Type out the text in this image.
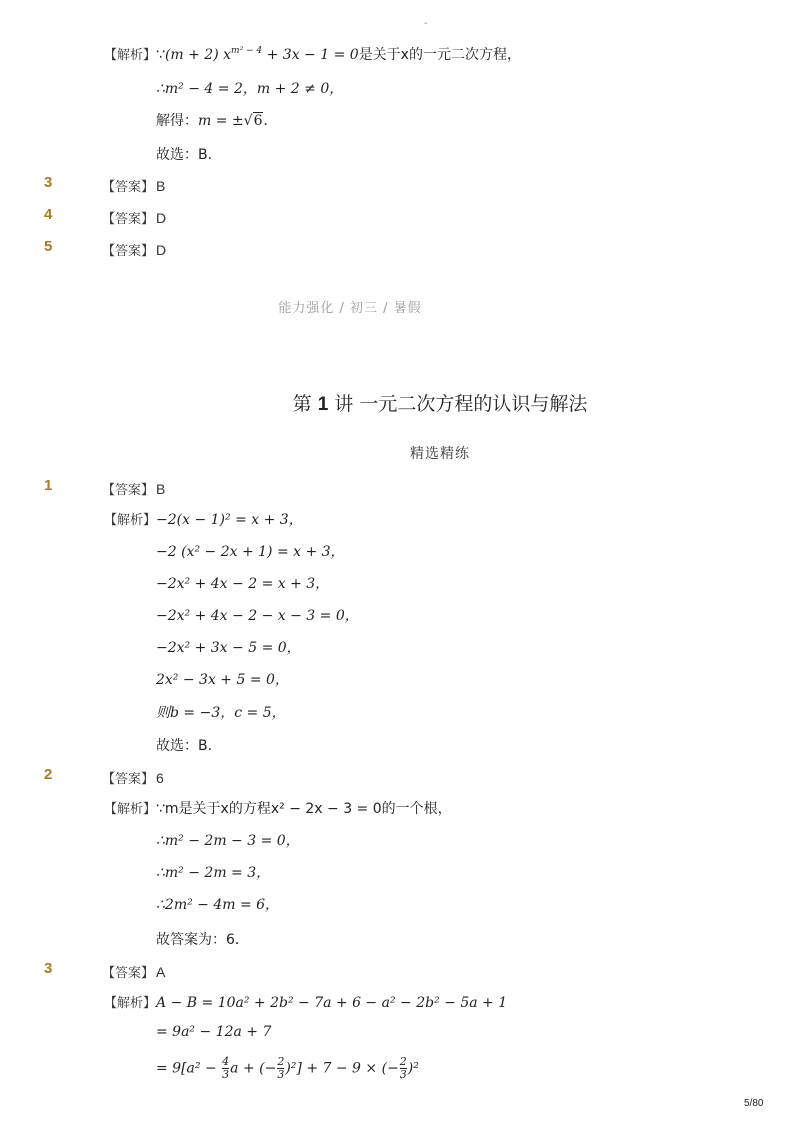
-
【解析】∵(m + 2) $x^{m^2 - 4} + 3x - 1 = 0$是关于x的一元二次方程，
∴m² − 4 = 2，m + 2 ≠ 0，
解得：m = ±√6．
故选：B．
3	【答案】 B
4	【答案】 D
5	【答案】 D
能力强化 / 初三 / 暑假
第 1 讲 一元二次方程的认识与解法
精选精练
1	【答案】 B
【解析】−2(x − 1)² = x + 3，
−2 (x² − 2x + 1) = x + 3，
−2x² + 4x − 2 = x + 3，
−2x² + 4x − 2 − x − 3 = 0，
−2x² + 3x − 5 = 0，
2x² − 3x + 5 = 0，
则b = −3，c = 5，
故选：B．
2	【答案】 6
【解析】∵m是关于x的方程x² − 2x − 3 = 0的一个根，
∴m² − 2m − 3 = 0，
∴m² − 2m = 3，
∴2m² − 4m = 6，
故答案为：6．
3	【答案】 A
【解析】A − B = 10a² + 2b² − 7a + 6 − a² − 2b² − 5a + 1
= 9a² − 12a + 7
= $9[a^2 - \frac{4}{3}$ a + (− $\frac{2}{3} )^2] + 7 - 9$ × (− $\frac{2}{3} )^2$
5/80
